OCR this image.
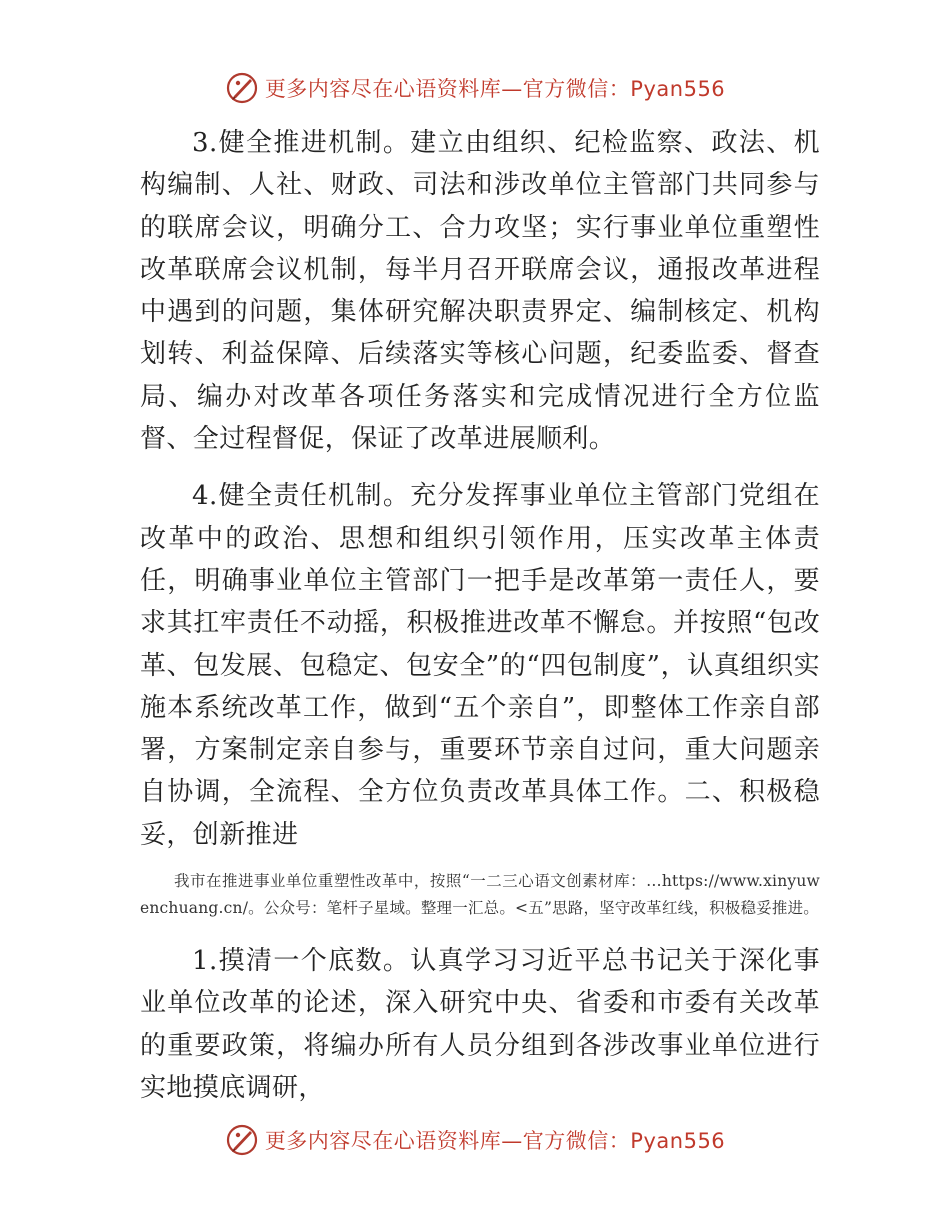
更多内容尽在心语资料库—官方微信：Pyan556

3.健全推进机制。建立由组织、纪检监察、政法、机构编制、人社、财政、司法和涉改单位主管部门共同参与的联席会议，明确分工、合力攻坚；实行事业单位重塑性改革联席会议机制，每半月召开联席会议，通报改革进程中遇到的问题，集体研究解决职责界定、编制核定、机构划转、利益保障、后续落实等核心问题，纪委监委、督查局、编办对改革各项任务落实和完成情况进行全方位监督、全过程督促，保证了改革进展顺利。

4.健全责任机制。充分发挥事业单位主管部门党组在改革中的政治、思想和组织引领作用，压实改革主体责任，明确事业单位主管部门一把手是改革第一责任人，要求其扛牢责任不动摇，积极推进改革不懈怠。并按照“包改革、包发展、包稳定、包安全”的“四包制度”，认真组织实施本系统改革工作，做到“五个亲自”，即整体工作亲自部署，方案制定亲自参与，重要环节亲自过问，重大问题亲自协调，全流程、全方位负责改革具体工作。二、积极稳妥，创新推进

我市在推进事业单位重塑性改革中，按照“一二三心语文创素材库：…https://www.xinyuwenchuang.cn/。公众号：笔杆子星域。整理一汇总。<五”思路，坚守改革红线，积极稳妥推进。

1.摸清一个底数。认真学习习近平总书记关于深化事业单位改革的论述，深入研究中央、省委和市委有关改革的重要政策，将编办所有人员分组到各涉改事业单位进行实地摸底调研，

更多内容尽在心语资料库—官方微信：Pyan556
